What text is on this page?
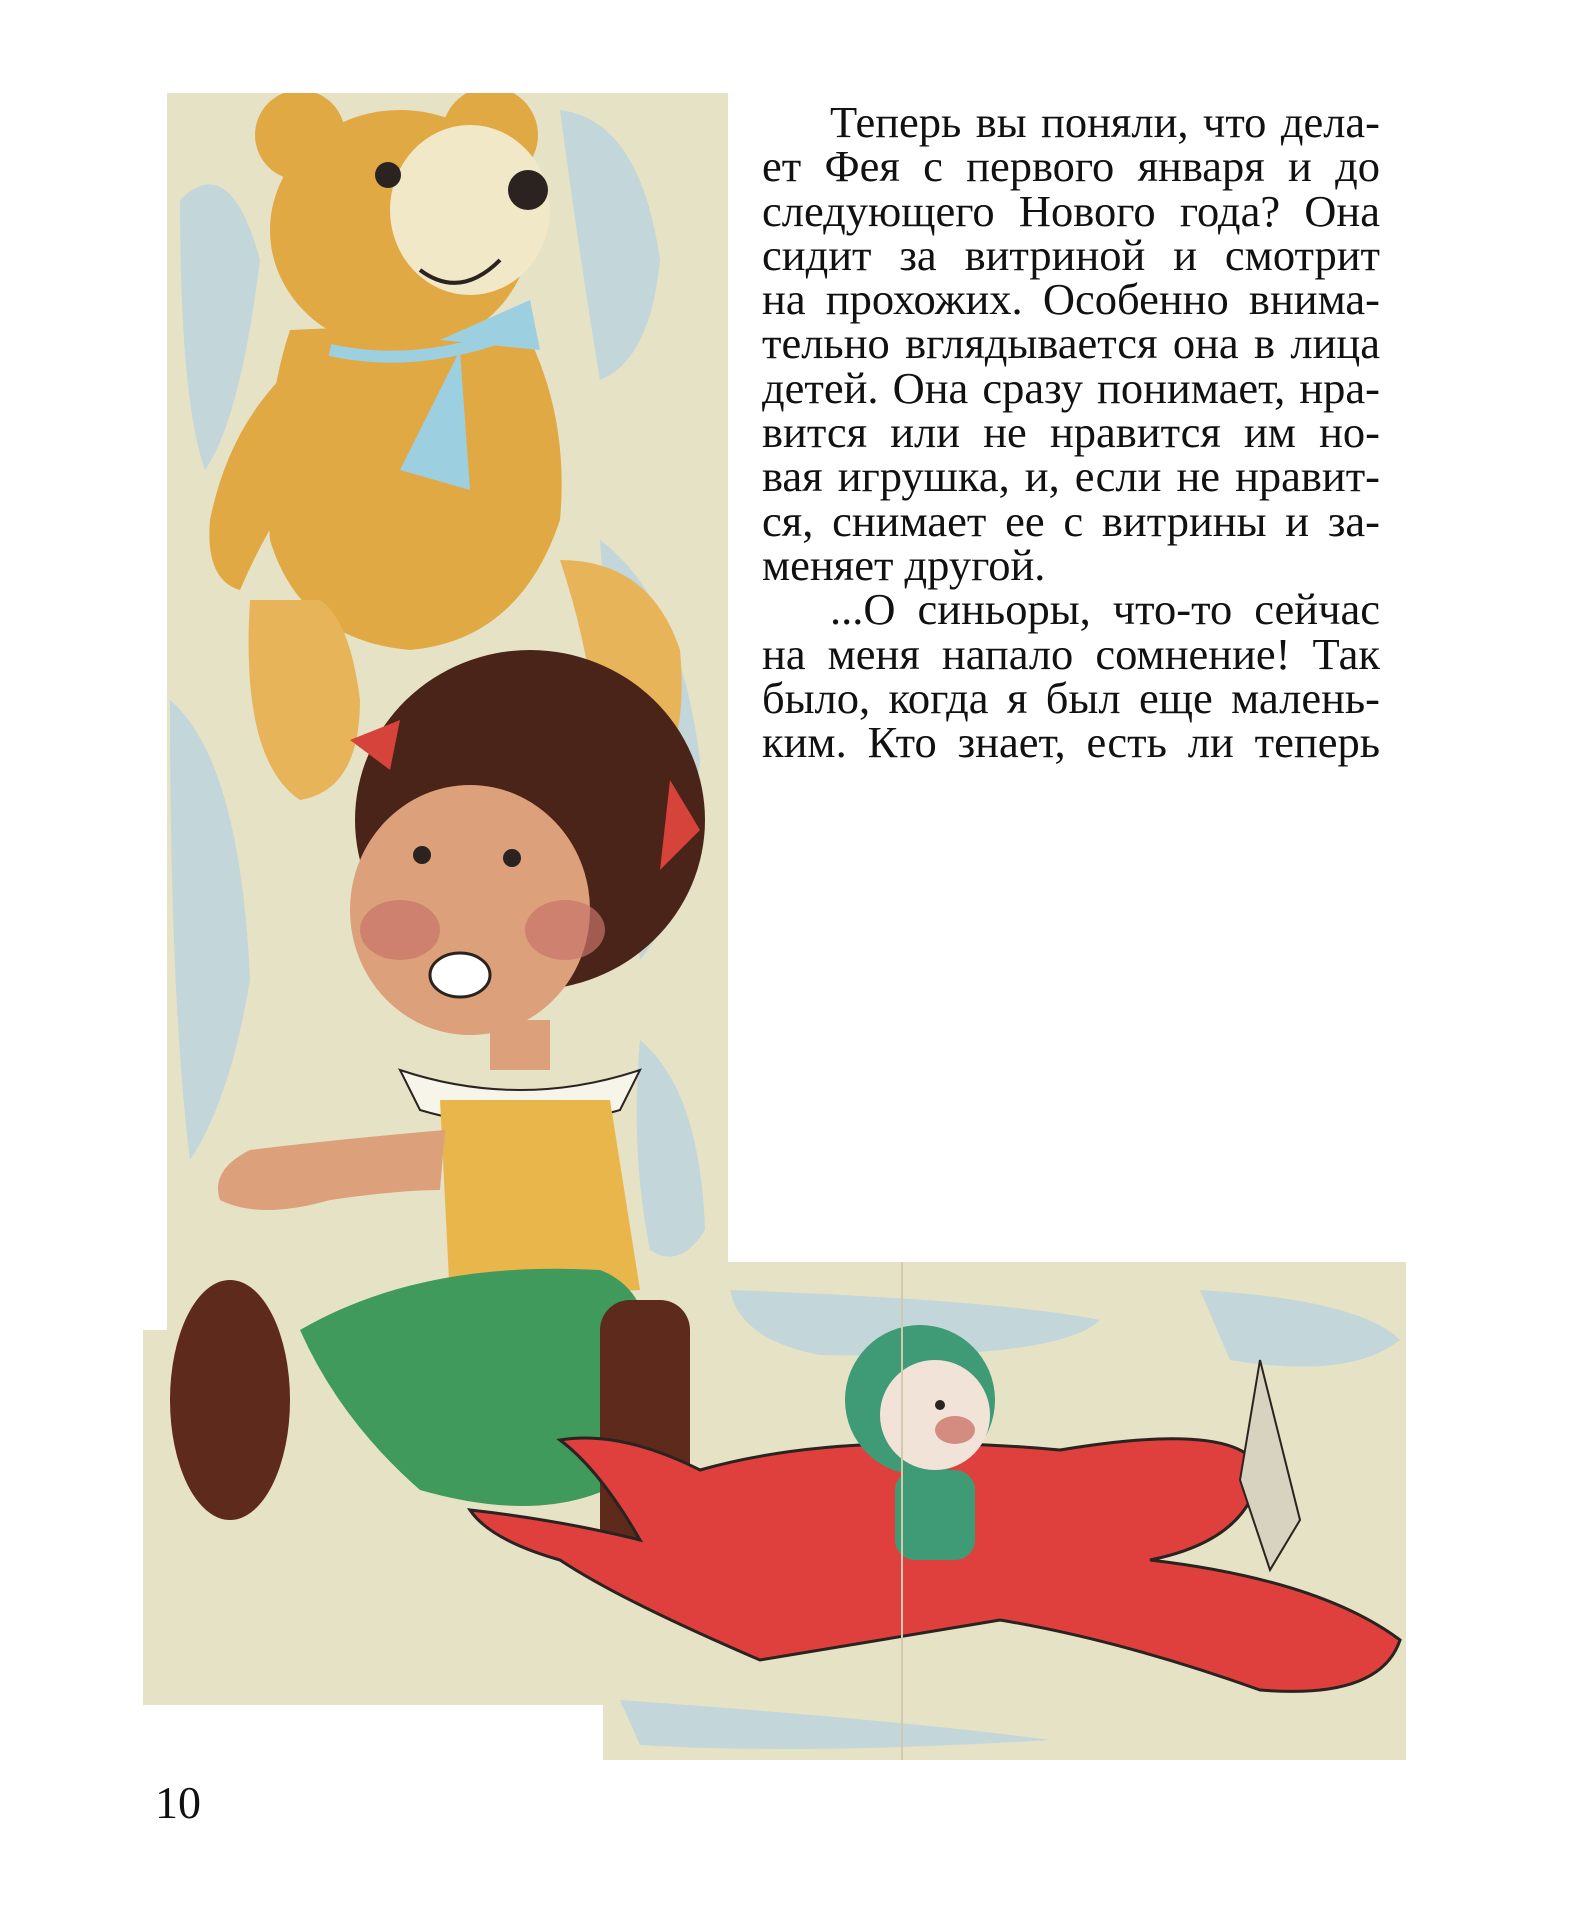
Теперь вы поняли, что дела-
ет Фея с первого января и до
следующего Нового года? Она
сидит за витриной и смотрит
на прохожих. Особенно внима-
тельно вглядывается она в лица
детей. Она сразу понимает, нра-
вится или не нравится им но-
вая игрушка, и, если не нравит-
ся, снимает ее с витрины и за-
меняет другой.

...О синьоры, что-то сейчас
на меня напало сомнение! Так
было, когда я был еще малень-
ким. Кто знает, есть ли теперь

10
